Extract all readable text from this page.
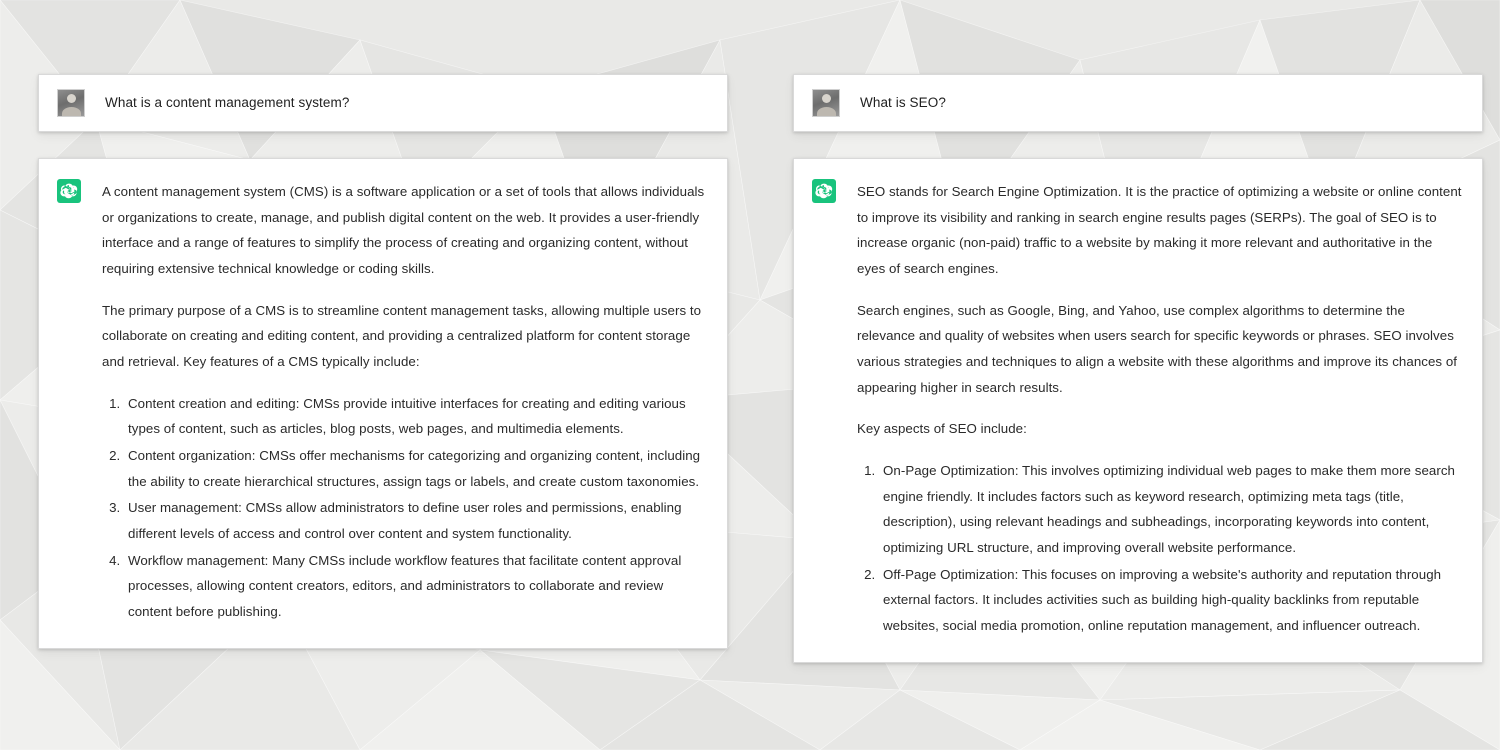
What is a content management system?

A content management system (CMS) is a software application or a set of tools that allows individuals or organizations to create, manage, and publish digital content on the web. It provides a user-friendly interface and a range of features to simplify the process of creating and organizing content, without requiring extensive technical knowledge or coding skills.

The primary purpose of a CMS is to streamline content management tasks, allowing multiple users to collaborate on creating and editing content, and providing a centralized platform for content storage and retrieval. Key features of a CMS typically include:

1. Content creation and editing: CMSs provide intuitive interfaces for creating and editing various types of content, such as articles, blog posts, web pages, and multimedia elements.
2. Content organization: CMSs offer mechanisms for categorizing and organizing content, including the ability to create hierarchical structures, assign tags or labels, and create custom taxonomies.
3. User management: CMSs allow administrators to define user roles and permissions, enabling different levels of access and control over content and system functionality.
4. Workflow management: Many CMSs include workflow features that facilitate content approval processes, allowing content creators, editors, and administrators to collaborate and review content before publishing.
What is SEO?

SEO stands for Search Engine Optimization. It is the practice of optimizing a website or online content to improve its visibility and ranking in search engine results pages (SERPs). The goal of SEO is to increase organic (non-paid) traffic to a website by making it more relevant and authoritative in the eyes of search engines.

Search engines, such as Google, Bing, and Yahoo, use complex algorithms to determine the relevance and quality of websites when users search for specific keywords or phrases. SEO involves various strategies and techniques to align a website with these algorithms and improve its chances of appearing higher in search results.

Key aspects of SEO include:

1. On-Page Optimization: This involves optimizing individual web pages to make them more search engine friendly. It includes factors such as keyword research, optimizing meta tags (title, description), using relevant headings and subheadings, incorporating keywords into content, optimizing URL structure, and improving overall website performance.
2. Off-Page Optimization: This focuses on improving a website's authority and reputation through external factors. It includes activities such as building high-quality backlinks from reputable websites, social media promotion, online reputation management, and influencer outreach.
